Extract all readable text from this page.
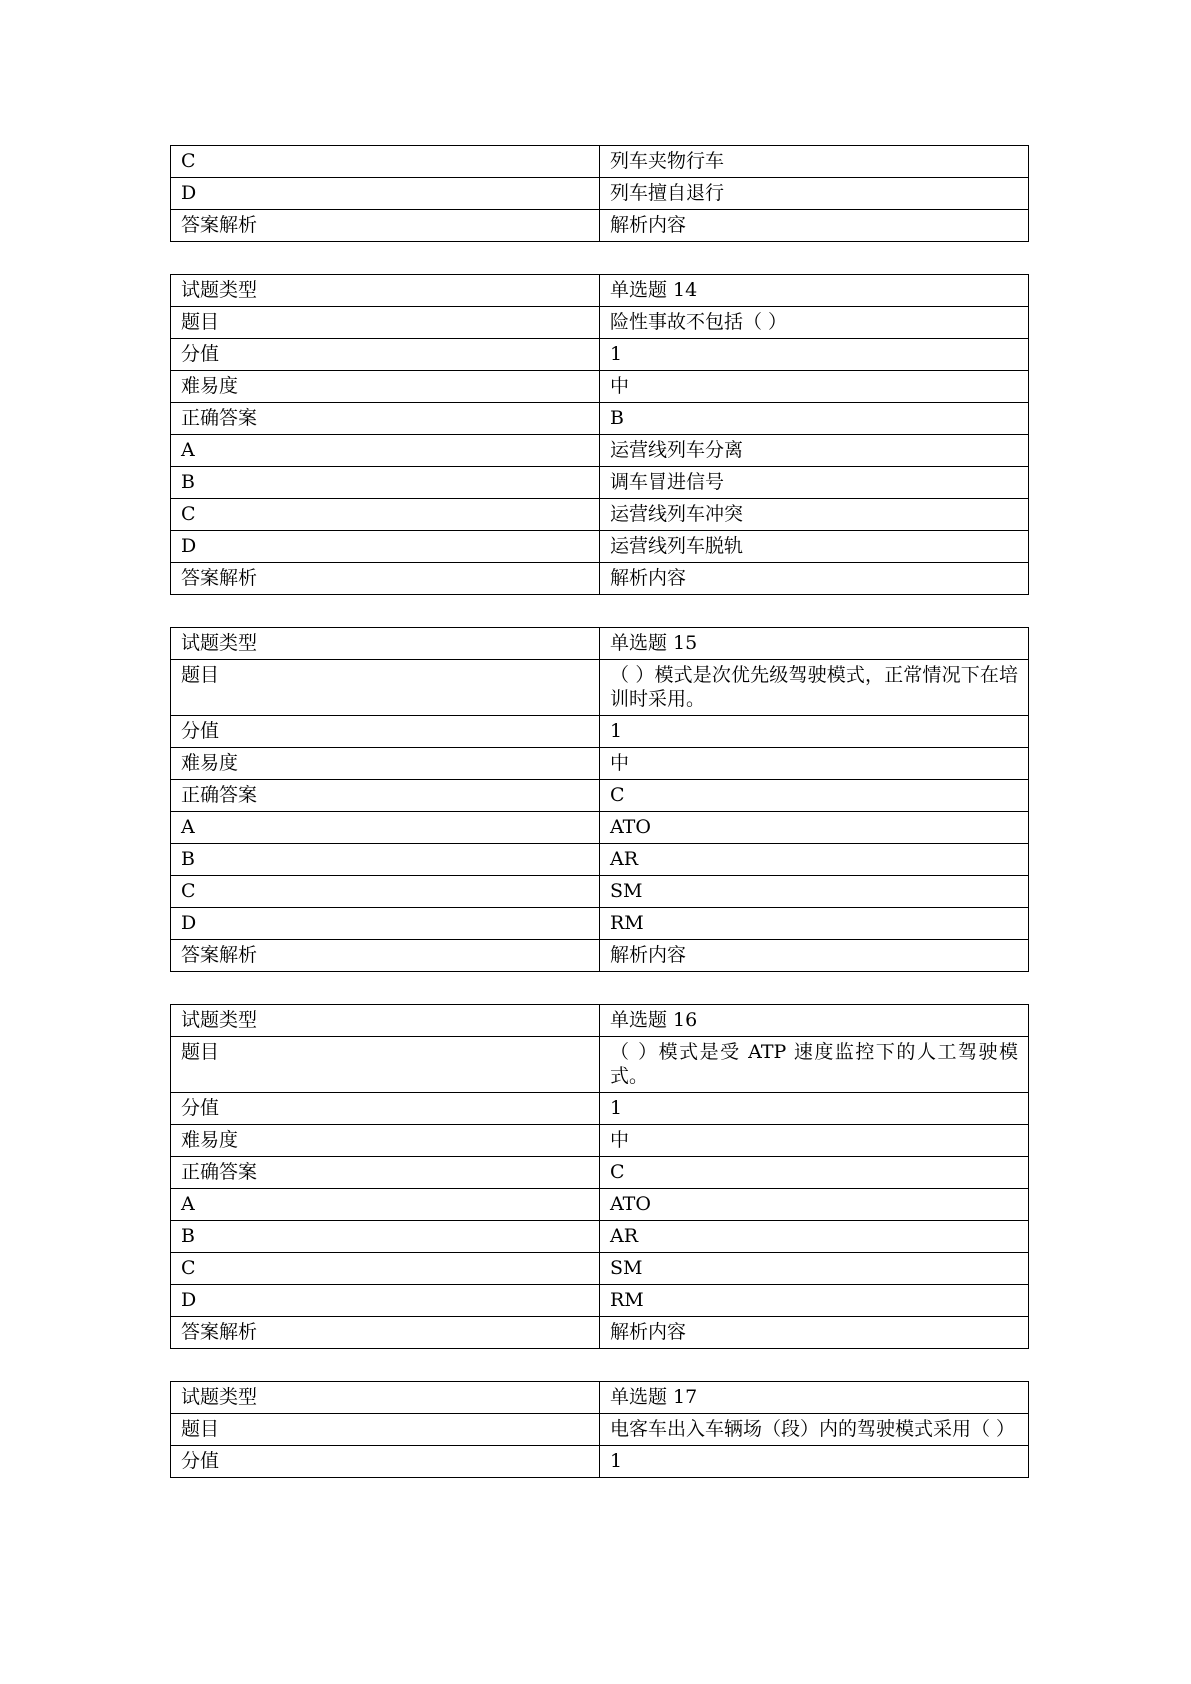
C	列车夹物行车
D	列车擅自退行
答案解析	解析内容
试题类型	单选题 14
题目	险性事故不包括（ ）
分值	1
难易度	中
正确答案	B
A	运营线列车分离
B	调车冒进信号
C	运营线列车冲突
D	运营线列车脱轨
答案解析	解析内容
试题类型	单选题 15
题目	（ ）模式是次优先级驾驶模式，正常情况下在培训时采用。
分值	1
难易度	中
正确答案	C
A	ATO
B	AR
C	SM
D	RM
答案解析	解析内容
试题类型	单选题 16
题目	（ ）模式是受 ATP 速度监控下的人工驾驶模式。
分值	1
难易度	中
正确答案	C
A	ATO
B	AR
C	SM
D	RM
答案解析	解析内容
试题类型	单选题 17
题目	电客车出入车辆场（段）内的驾驶模式采用（ ）
分值	1
